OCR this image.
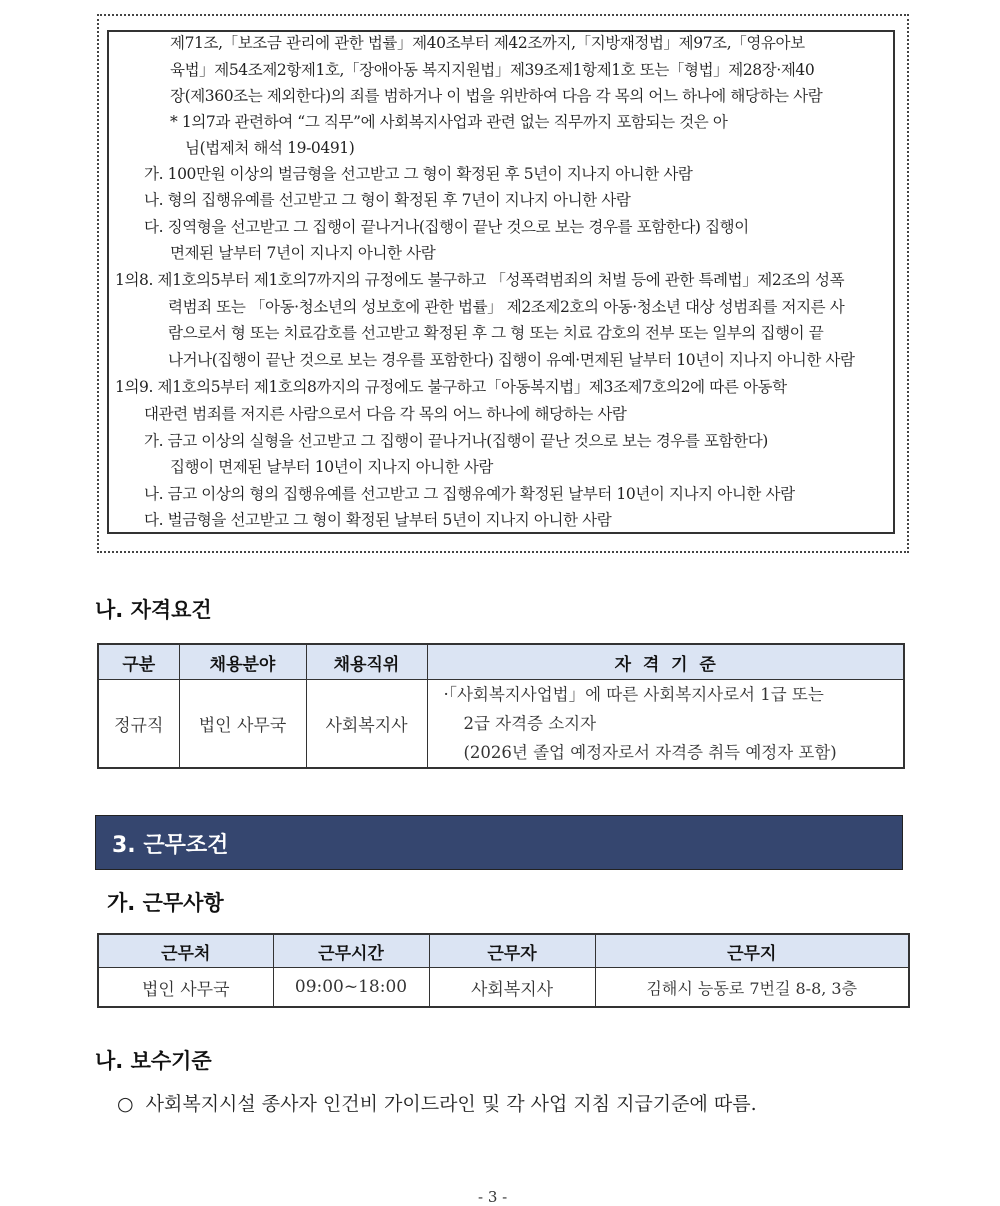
제71조,「보조금 관리에 관한 법률」제40조부터 제42조까지,「지방재정법」제97조,「영유아보
육법」제54조제2항제1호,「장애아동 복지지원법」제39조제1항제1호 또는「형법」제28장·제40
장(제360조는 제외한다)의 죄를 범하거나 이 법을 위반하여 다음 각 목의 어느 하나에 해당하는 사람
* 1의7과 관련하여 “그 직무”에 사회복지사업과 관련 없는 직무까지 포함되는 것은 아
님(법제처 해석 19-0491)
가. 100만원 이상의 벌금형을 선고받고 그 형이 확정된 후 5년이 지나지 아니한 사람
나. 형의 집행유예를 선고받고 그 형이 확정된 후 7년이 지나지 아니한 사람
다. 징역형을 선고받고 그 집행이 끝나거나(집행이 끝난 것으로 보는 경우를 포함한다) 집행이
면제된 날부터 7년이 지나지 아니한 사람
1의8. 제1호의5부터 제1호의7까지의 규정에도 불구하고 「성폭력범죄의 처벌 등에 관한 특례법」제2조의 성폭
력범죄 또는 「아동·청소년의 성보호에 관한 법률」 제2조제2호의 아동·청소년 대상 성범죄를 저지른 사
람으로서 형 또는 치료감호를 선고받고 확정된 후 그 형 또는 치료 감호의 전부 또는 일부의 집행이 끝
나거나(집행이 끝난 것으로 보는 경우를 포함한다) 집행이 유예·면제된 날부터 10년이 지나지 아니한 사람
1의9. 제1호의5부터 제1호의8까지의 규정에도 불구하고「아동복지법」제3조제7호의2에 따른 아동학
대관련 범죄를 저지른 사람으로서 다음 각 목의 어느 하나에 해당하는 사람
가. 금고 이상의 실형을 선고받고 그 집행이 끝나거나(집행이 끝난 것으로 보는 경우를 포함한다)
집행이 면제된 날부터 10년이 지나지 아니한 사람
나. 금고 이상의 형의 집행유예를 선고받고 그 집행유예가 확정된 날부터 10년이 지나지 아니한 사람
다. 벌금형을 선고받고 그 형이 확정된 날부터 5년이 지나지 아니한 사람
나. 자격요건
구분	채용분야	채용직위	자  격  기  준
정규직	법인 사무국	사회복지사	·「사회복지사업법」에 따른 사회복지사로서 1급 또는
2급 자격증 소지자
(2026년 졸업 예정자로서 자격증 취득 예정자 포함)
3. 근무조건
가. 근무사항
근무처	근무시간	근무자	근무지
법인 사무국	09:00~18:00	사회복지사	김해시 능동로 7번길 8-8, 3층
나. 보수기준
○ 사회복지시설 종사자 인건비 가이드라인 및 각 사업 지침 지급기준에 따름.
- 3 -
